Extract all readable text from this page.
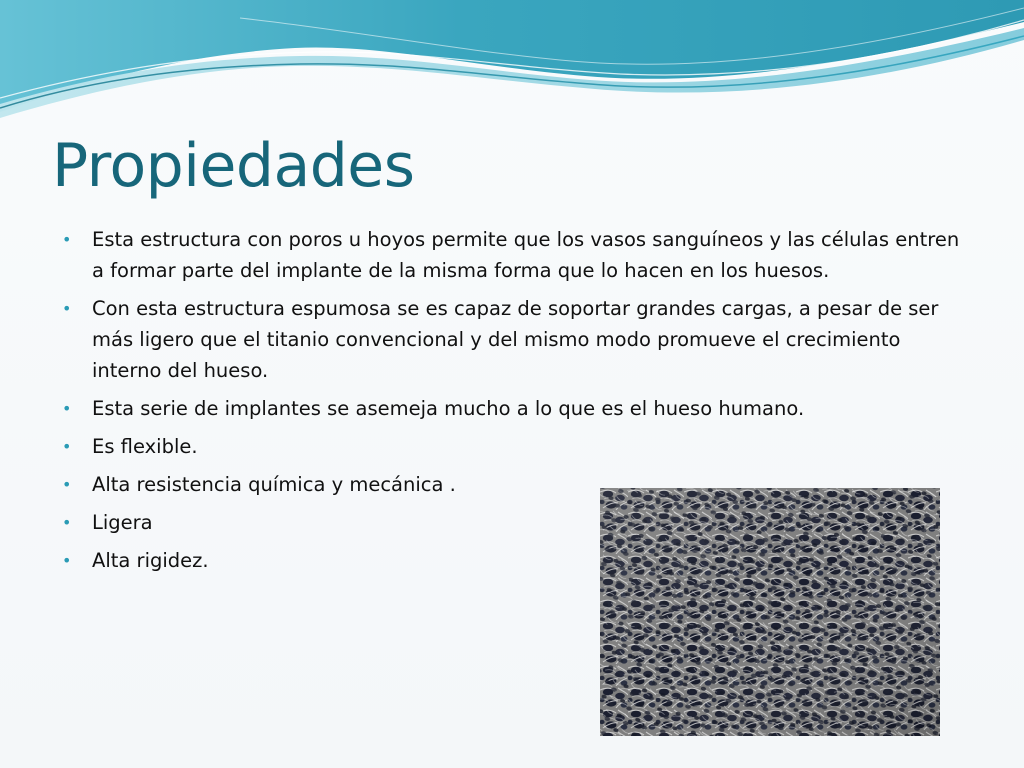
Propiedades
•	Esta estructura con poros u hoyos permite que los vasos sanguíneos y las células entren a formar parte del implante de la misma forma que lo hacen en los huesos.
•	Con esta estructura espumosa se es capaz de soportar grandes cargas, a pesar de ser más ligero que el titanio convencional y del mismo modo promueve el crecimiento interno del hueso.
•	Esta serie de implantes se asemeja mucho a lo que es el hueso humano.
•	Es flexible.
•	Alta resistencia química y mecánica .
•	Ligera
•	Alta rigidez.
